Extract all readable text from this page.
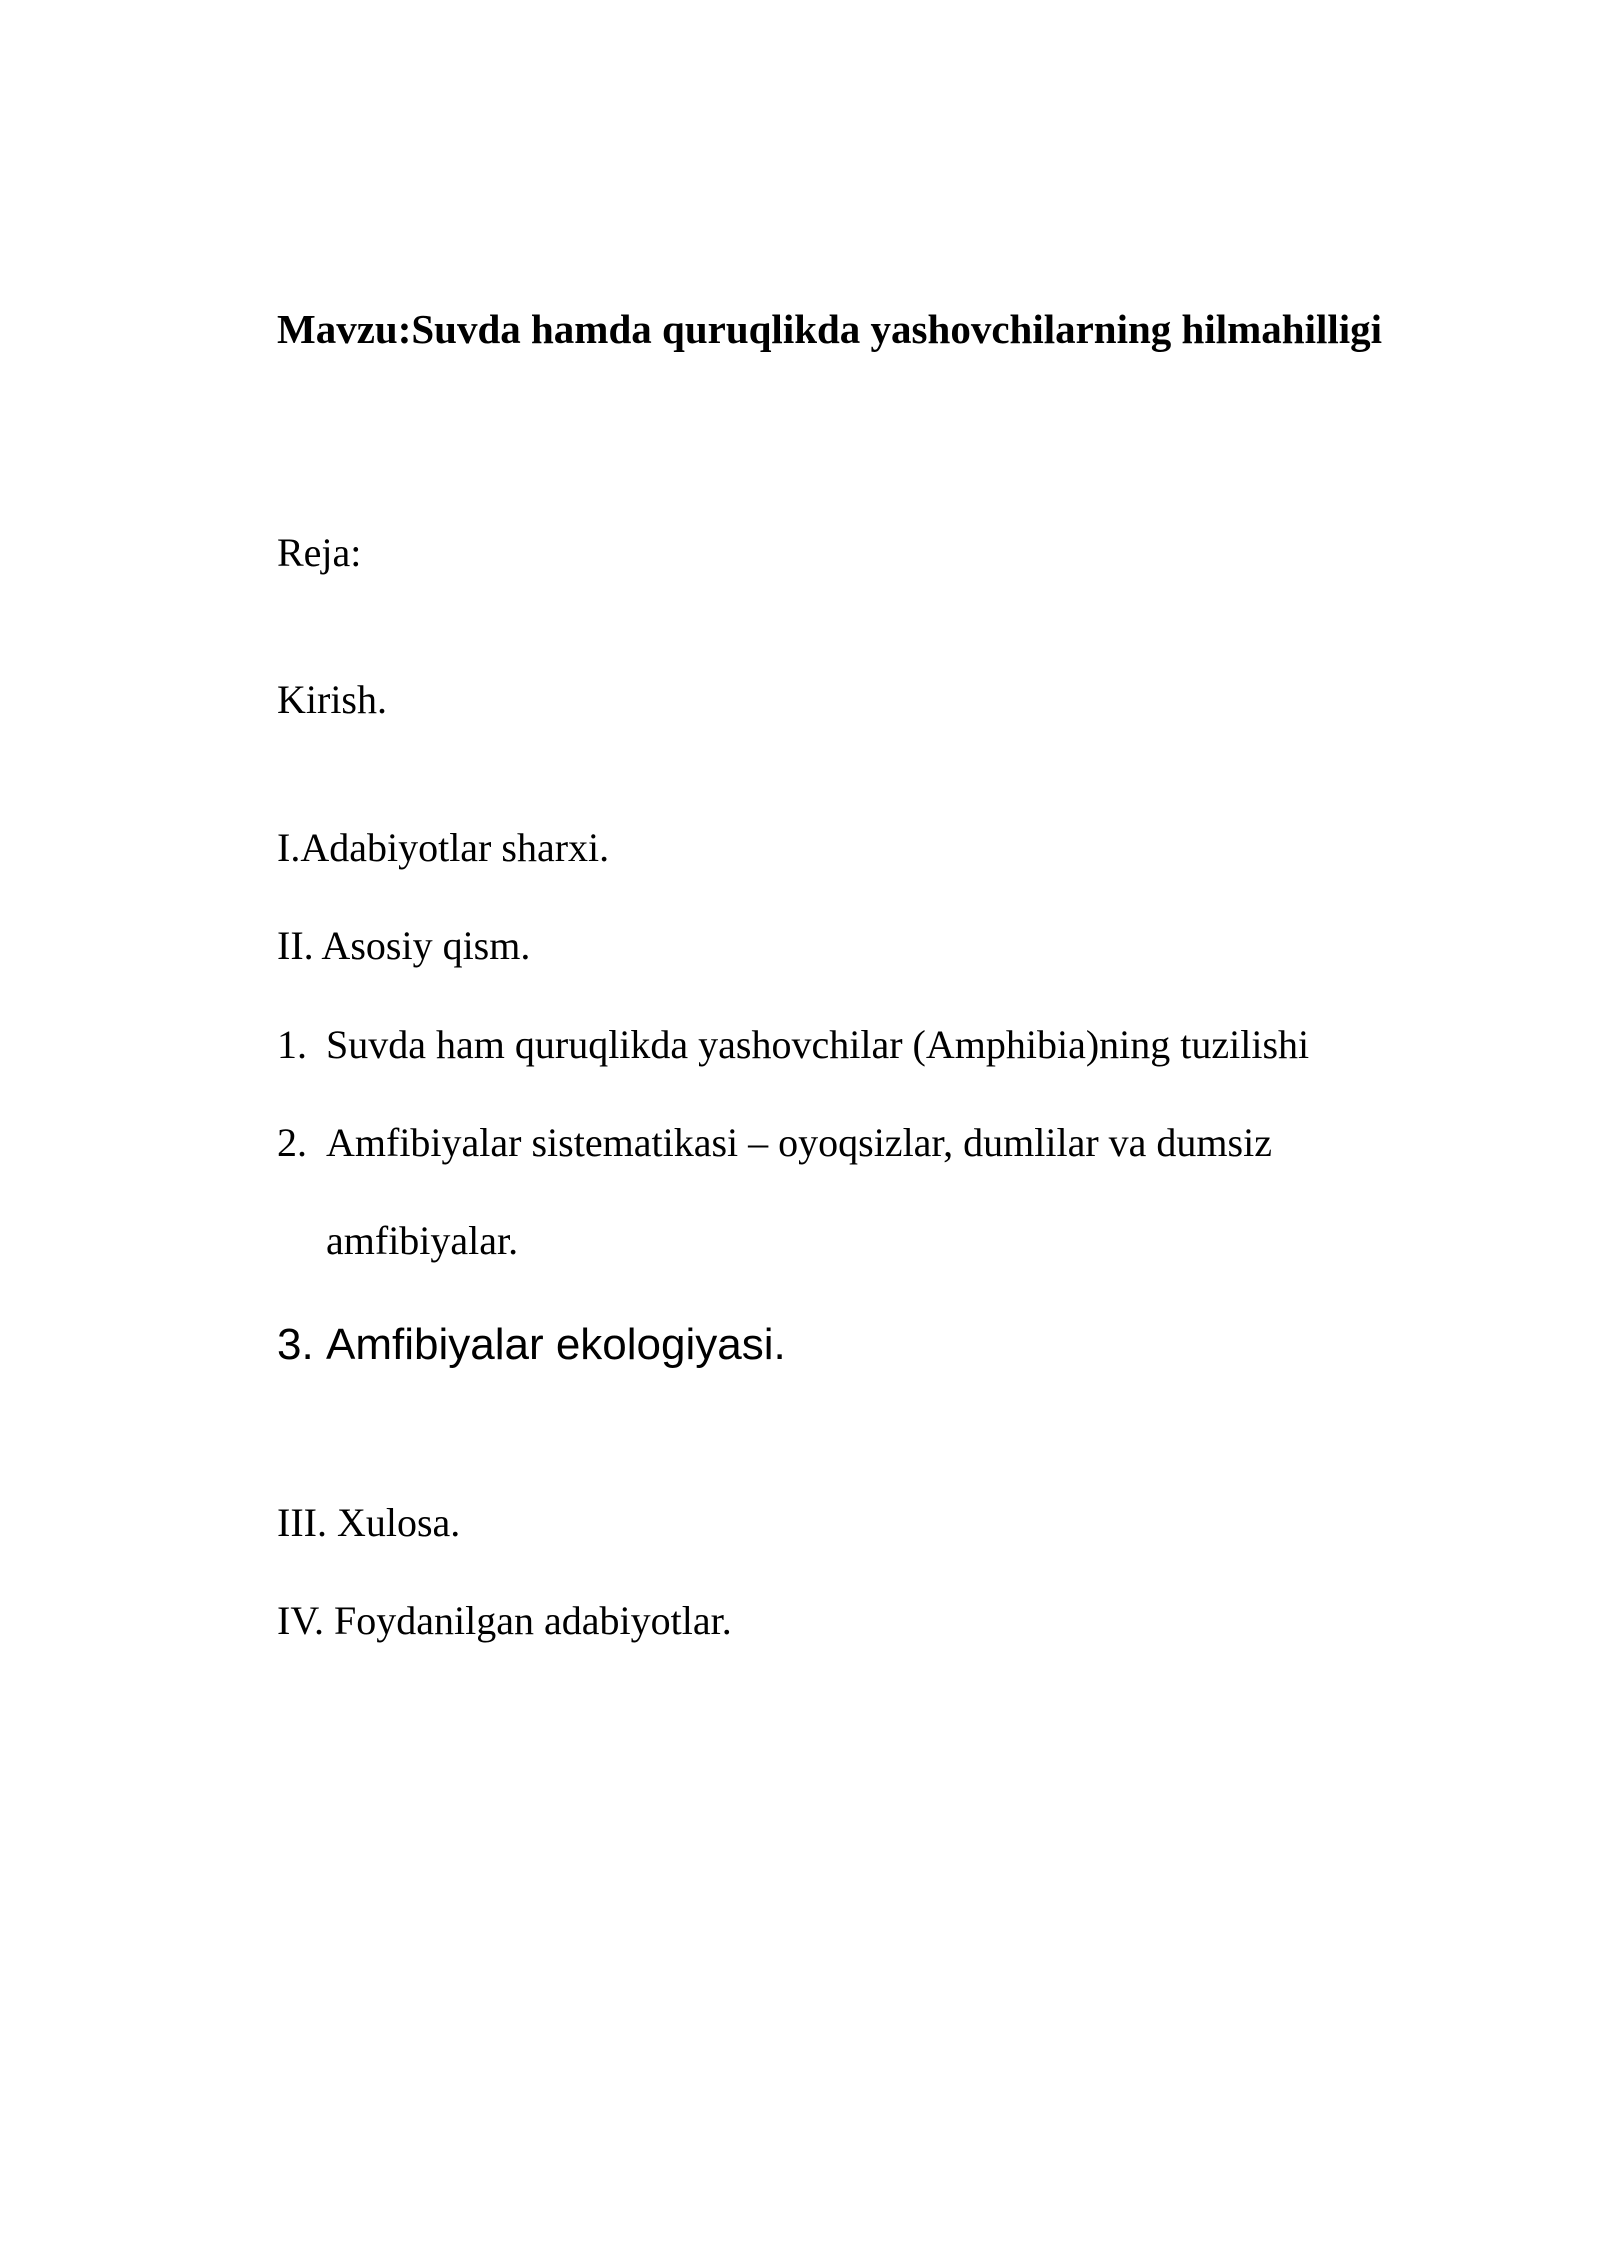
Mavzu:Suvda hamda quruqlikda yashovchilarning hilmahilligi
Reja:
Kirish.
I.Adabiyotlar sharxi.
II. Asosiy qism.
1. Suvda ham quruqlikda yashovchilar (Amphibia)ning tuzilishi
2. Amfibiyalar sistematikasi – oyoqsizlar, dumlilar va dumsiz
amfibiyalar.
3. Amfibiyalar ekologiyasi.
III. Xulosa.
IV. Foydanilgan adabiyotlar.
